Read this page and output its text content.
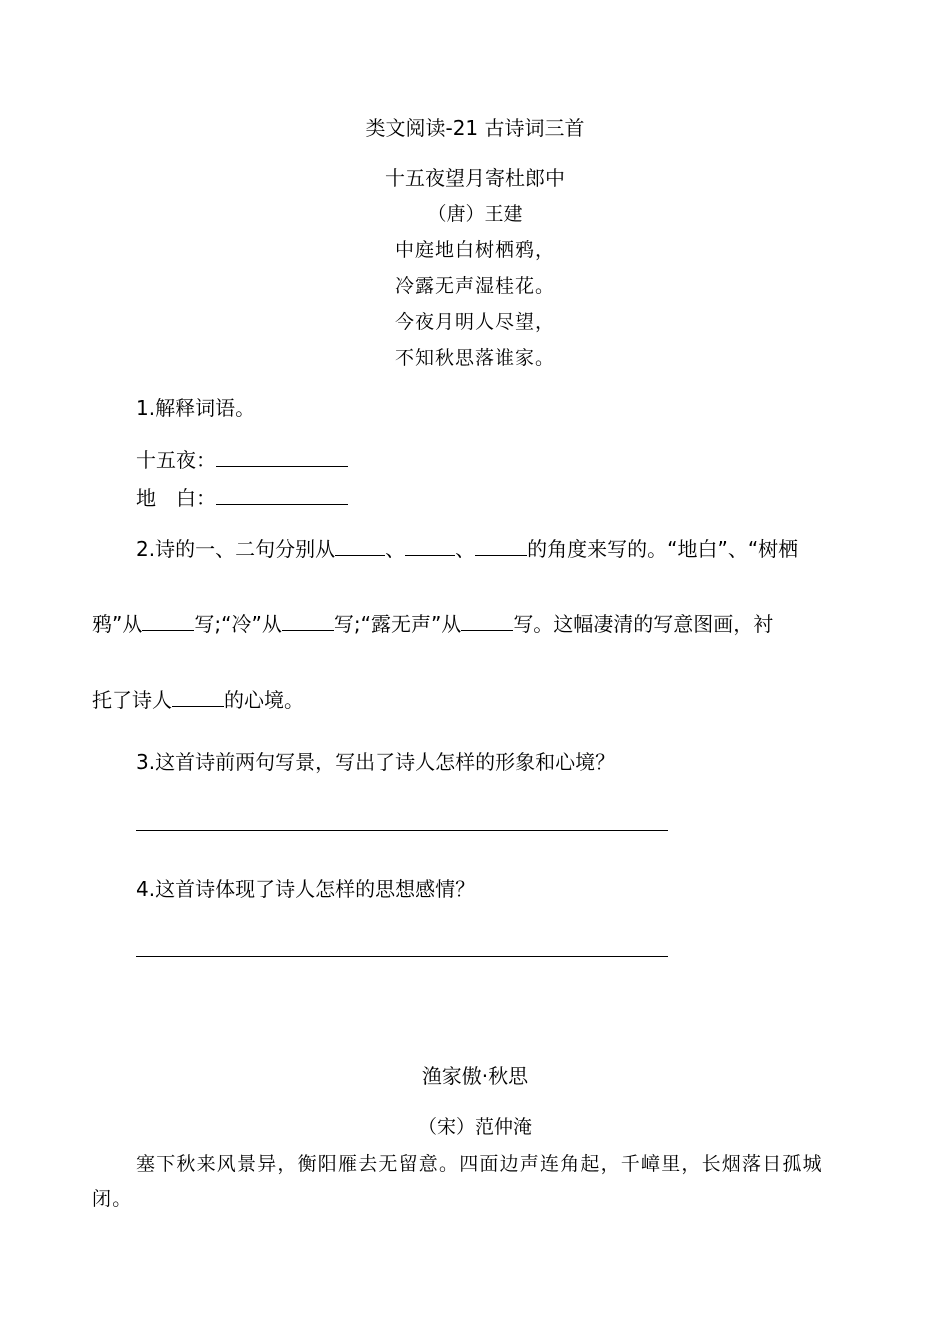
类文阅读-21 古诗词三首
十五夜望月寄杜郎中
（唐）王建
中庭地白树栖鸦，
冷露无声湿桂花。
今夜月明人尽望，
不知秋思落谁家。
1.解释词语。
十五夜：
地　白：
2.诗的一、二句分别从	、	、	的角度来写的。“地白”、“树栖
鸦”从	写;“冷”从	写;“露无声”从	写。这幅凄清的写意图画，衬
托了诗人	的心境。
3.这首诗前两句写景，写出了诗人怎样的形象和心境？
4.这首诗体现了诗人怎样的思想感情？
渔家傲·秋思
（宋）范仲淹
塞下秋来风景异，衡阳雁去无留意。四面边声连角起，千嶂里，长烟落日孤城
闭。
